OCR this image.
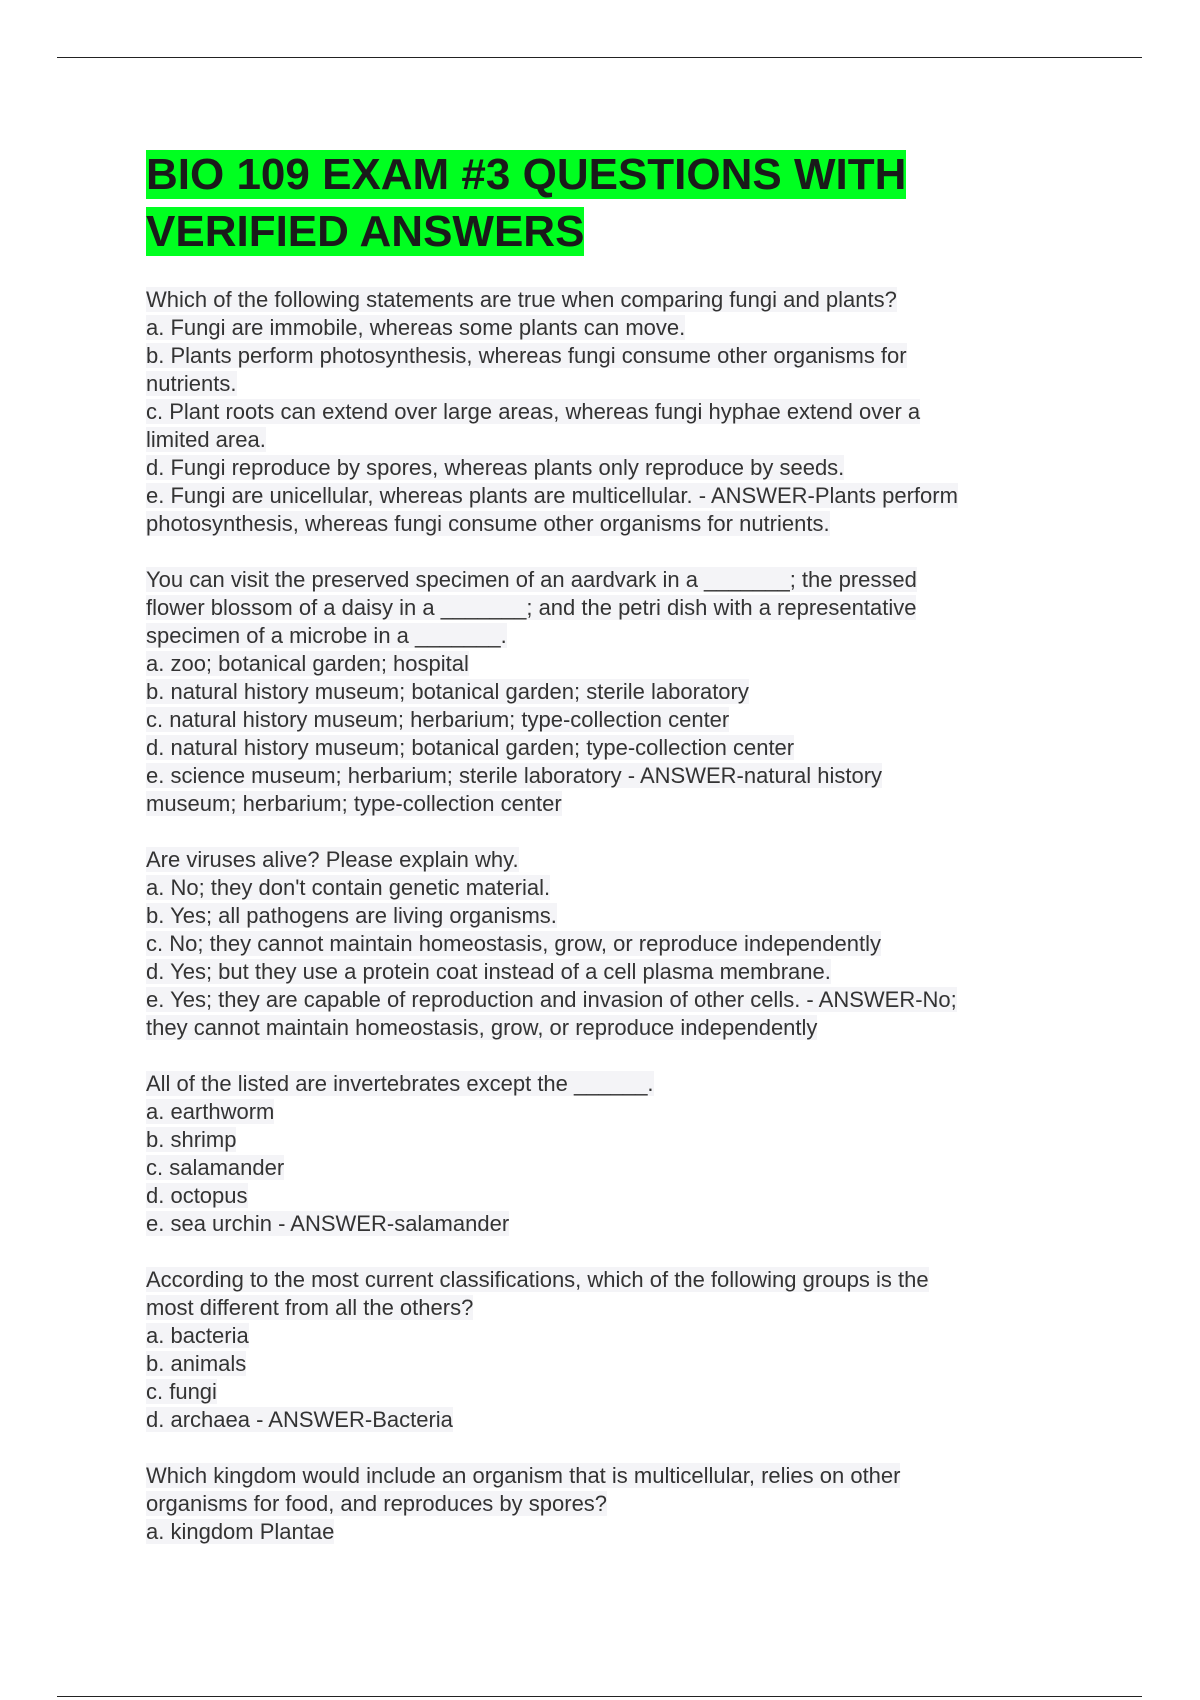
BIO 109 EXAM #3 QUESTIONS WITH
VERIFIED ANSWERS
Which of the following statements are true when comparing fungi and plants?
a. Fungi are immobile, whereas some plants can move.
b. Plants perform photosynthesis, whereas fungi consume other organisms for
nutrients.
c. Plant roots can extend over large areas, whereas fungi hyphae extend over a
limited area.
d. Fungi reproduce by spores, whereas plants only reproduce by seeds.
e. Fungi are unicellular, whereas plants are multicellular. - ANSWER-Plants perform
photosynthesis, whereas fungi consume other organisms for nutrients.
You can visit the preserved specimen of an aardvark in a _______; the pressed
flower blossom of a daisy in a _______; and the petri dish with a representative
specimen of a microbe in a _______.
a. zoo; botanical garden; hospital
b. natural history museum; botanical garden; sterile laboratory
c. natural history museum; herbarium; type-collection center
d. natural history museum; botanical garden; type-collection center
e. science museum; herbarium; sterile laboratory - ANSWER-natural history
museum; herbarium; type-collection center
Are viruses alive? Please explain why.
a. No; they don't contain genetic material.
b. Yes; all pathogens are living organisms.
c. No; they cannot maintain homeostasis, grow, or reproduce independently
d. Yes; but they use a protein coat instead of a cell plasma membrane.
e. Yes; they are capable of reproduction and invasion of other cells. - ANSWER-No;
they cannot maintain homeostasis, grow, or reproduce independently
All of the listed are invertebrates except the ______.
a. earthworm
b. shrimp
c. salamander
d. octopus
e. sea urchin - ANSWER-salamander
According to the most current classifications, which of the following groups is the
most different from all the others?
a. bacteria
b. animals
c. fungi
d. archaea - ANSWER-Bacteria
Which kingdom would include an organism that is multicellular, relies on other
organisms for food, and reproduces by spores?
a. kingdom Plantae
